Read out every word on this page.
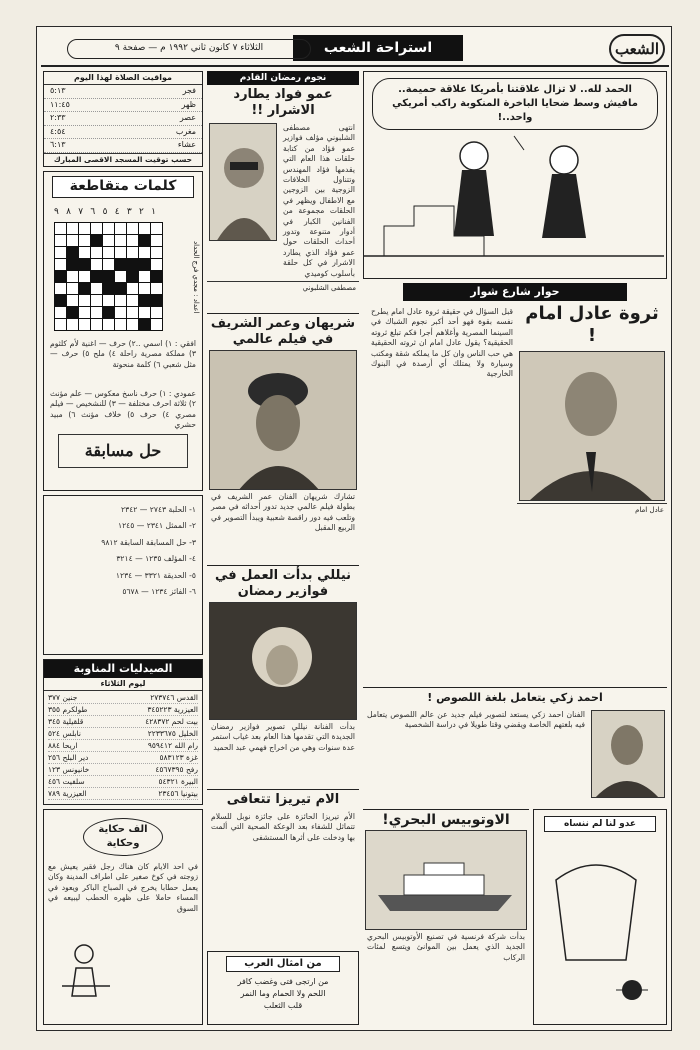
الشعب
استراحة الشعب
الثلاثاء ٧ كانون ثاني ١٩٩٢ م — صفحة ٩
مواقيت الصلاة لهذا اليوم
فجر
٥:١٣
ظهر
١١:٤٥
عصر
٢:٣٣
مغرب
٤:٥٤
عشاء
٦:١٣
حسب توقيت المسجد الاقصى المبارك
كلمات متقاطعة
١
٢
٣
٤
٥
٦
٧
٨
٩
اعداد : مجدي فرج الحداد
افقي : ١) اسمي ..٢) حرف — اغنية لأم كلثوم ٣) مملكة مصرية راحلة ٤) ملح ٥) حرف — مثل شعبي ٦) كلمة منحوتة
عمودي : ١) حرف ناسخ معكوس — علم مؤنث ٢) ثلاثة احرف مختلفة — ٣) للنشخيص — فيلم مصري ٤) حرف ٥) خلاف مؤنث ٦) مبيد حشري
حل مسابقة
١- الحلبة ٢٧٤٣ — ٢٣٤٢
٢- الممثل ٢٣٤١ — ١٢٤٥
٣- حل المسابقة السابقة ٩٨١٢
٤- المؤلف ١٢٣٥ — ٣٢١٤
٥- الحديقة ٣٣٢١ — ١٢٣٤
٦- الفائز ١٢٣٤ — ٥٦٧٨
الصيدليات المناوبة
ليوم الثلاثاء
القدس ٢٧٣٧٤٦
جنين ٣٧٧
العيزرية ٣٤٥٢٢٣
طولكرم ٣٥٥
بيت لحم ٤٢٨٣٧٢
قلقيلية ٣٤٥
الخليل ٢٢٣٣٦٧٥
نابلس ٥٢٤
رام الله ٩٥٩٤١٢
اريحا ٨٨٤
غزة ٥٨٣١٢٣
دير البلح ٢٥٦
رفح ٤٥٦٧٣٩٥
خانيونس ١٢٣
البيرة ٥٤٣٢١
سلفيت ٤٥٦
بيتونيا ٢٣٤٥٦
العيزرية ٧٨٩
الف حكاية وحكاية
في احد الايام كان هناك رجل فقير يعيش مع زوجته في كوخ صغير على اطراف المدينة وكان يعمل حطابا يخرج في الصباح الباكر ويعود في المساء حاملا على ظهره الحطب ليبيعه في السوق
نجوم رمضان القادم
عمو فواد يطارد الاشرار !!
انتهى مصطفى الشلبوني مؤلف فوازير عمو فؤاد من كتابة حلقات هذا العام التي يقدمها فؤاد المهندس وتتناول الخلافات الزوجية بين الزوجين مع الاطفال ويظهر في الحلقات مجموعة من الفنانين الكبار في أدوار متنوعة وتدور أحداث الحلقات حول عمو فؤاد الذي يطارد الاشرار في كل حلقة بأسلوب كوميدي
مصطفى الشلبوني
شريهان وعمر الشريف في فيلم عالمي
تشارك شريهان الفنان عمر الشريف في بطولة فيلم عالمي جديد تدور أحداثه في مصر وتلعب فيه دور راقصة شعبية ويبدأ التصوير في الربيع المقبل
نيللي بدأت العمل في فوازير رمضان
بدأت الفنانة نيللي تصوير فوازير رمضان الجديدة التي تقدمها هذا العام بعد غياب استمر عدة سنوات وهي من اخراج فهمي عبد الحميد
الام تيريزا تتعافى
الأم تيريزا الحائزة على جائزة نوبل للسلام تتماثل للشفاء بعد الوعكة الصحية التي ألمت بها ودخلت على أثرها المستشفى
من امثال العرب
من ارتجى فتى وغضب كافر
اللحم ولا الحمام وما النمر
قلب الثعلب
الحمد لله.. لا تزال علاقتنا بأمريكا علاقة حميمة.. مافيش وسط ضحايا الباخرة المنكوبة راكب أمريكي واحد..!
حوار شارع شوار
ثروة عادل امام !
عادل امام
قبل السؤال في حقيقة ثروة عادل امام يطرح نفسه بقوة فهو أحد أكبر نجوم الشباك في السينما المصرية وأغلاهم أجرا فكم تبلغ ثروته الحقيقية؟ يقول عادل امام ان ثروته الحقيقية هي حب الناس وان كل ما يملكه شقة ومكتب وسيارة ولا يمتلك أي أرصدة في البنوك الخارجية
احمد زكي يتعامل بلغة اللصوص !
الفنان احمد زكي يستعد لتصوير فيلم جديد عن عالم اللصوص يتعامل فيه بلغتهم الخاصة ويقضي وقتا طويلا في دراسة الشخصية
الاوتوبيس البحري!
بدأت شركة فرنسية في تصنيع الأوتوبيس البحري الجديد الذي يعمل بين الموانئ ويتسع لمئات الركاب
عدو لنا لم ننساه
